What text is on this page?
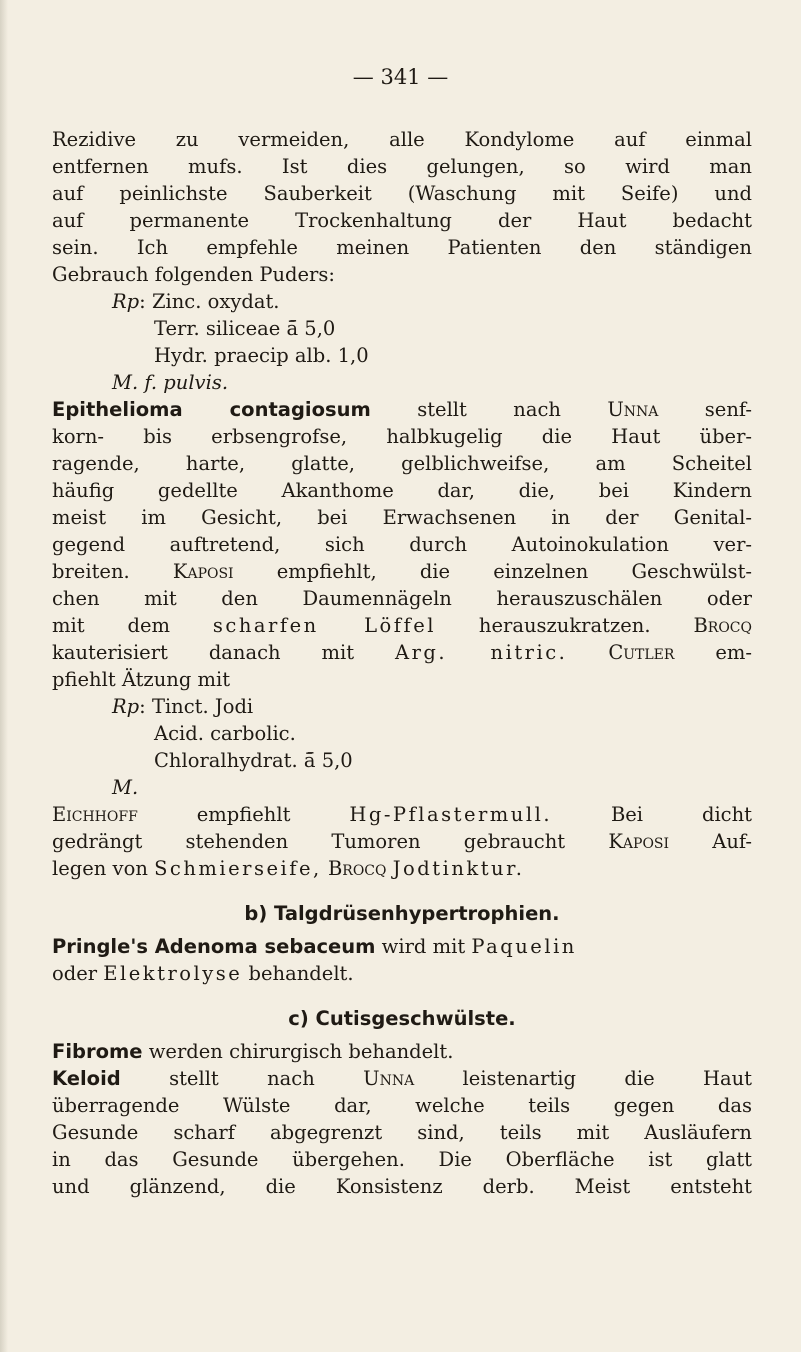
— 341 —
Rezidive zu vermeiden, alle Kondylome auf einmal
entfernen mufs. Ist dies gelungen, so wird man
auf peinlichste Sauberkeit (Waschung mit Seife) und
auf permanente Trockenhaltung der Haut bedacht
sein. Ich empfehle meinen Patienten den ständigen
Gebrauch folgenden Puders:
Rp: Zinc. oxydat.
Terr. siliceae ā̄ 5,0
Hydr. praecip alb. 1,0
M. f. pulvis.
Epithelioma contagiosum stellt nach Unna senf-
korn- bis erbsengrofse, halbkugelig die Haut über-
ragende, harte, glatte, gelblichweifse, am Scheitel
häufig gedellte Akanthome dar, die, bei Kindern
meist im Gesicht, bei Erwachsenen in der Genital-
gegend auftretend, sich durch Autoinokulation ver-
breiten. Kaposi empfiehlt, die einzelnen Geschwülst-
chen mit den Daumennägeln herauszuschälen oder
mit dem scharfen Löffel herauszukratzen. Brocq
kauterisiert danach mit Arg. nitric. Cutler em-
pfiehlt Ätzung mit
Rp: Tinct. Jodi
Acid. carbolic.
Chloralhydrat. ā̄ 5,0
M.
Eichhoff empfiehlt Hg-Pflastermull. Bei dicht
gedrängt stehenden Tumoren gebraucht Kaposi Auf-
legen von Schmierseife, Brocq Jodtinktur.
b) Talgdrüsenhypertrophien.
Pringle's Adenoma sebaceum wird mit Paquelin
oder Elektrolyse behandelt.
c) Cutisgeschwülste.
Fibrome werden chirurgisch behandelt.
Keloid stellt nach Unna leistenartig die Haut
überragende Wülste dar, welche teils gegen das
Gesunde scharf abgegrenzt sind, teils mit Ausläufern
in das Gesunde übergehen. Die Oberfläche ist glatt
und glänzend, die Konsistenz derb. Meist entsteht
